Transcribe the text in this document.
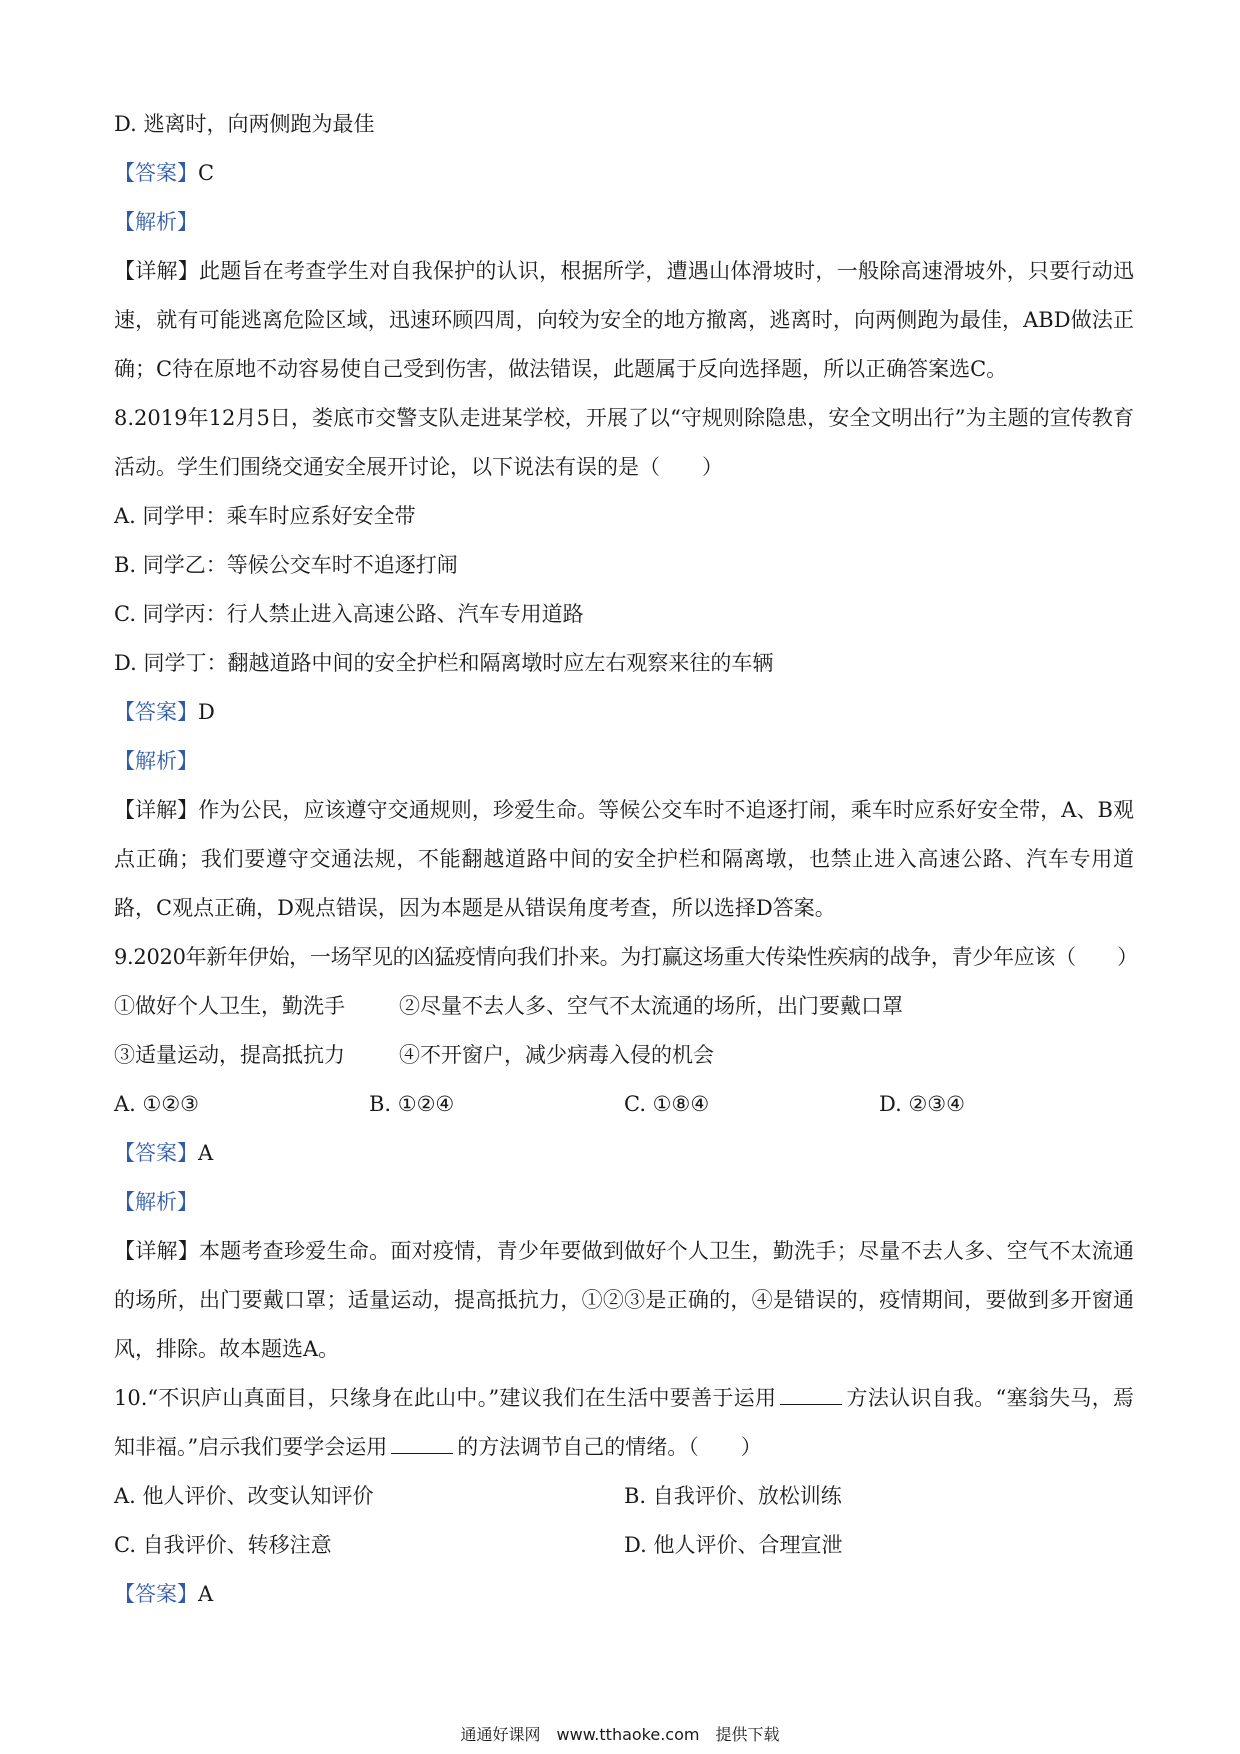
D. 逃离时，向两侧跑为最佳
【答案】C
【解析】
【详解】此题旨在考查学生对自我保护的认识，根据所学，遭遇山体滑坡时，一般除高速滑坡外，只要行动迅速，就有可能逃离危险区域，迅速环顾四周，向较为安全的地方撤离，逃离时，向两侧跑为最佳，ABD做法正确；C待在原地不动容易使自己受到伤害，做法错误，此题属于反向选择题，所以正确答案选C。
8.2019年12月5日，娄底市交警支队走进某学校，开展了以“守规则除隐患，安全文明出行”为主题的宣传教育活动。学生们围绕交通安全展开讨论，以下说法有误的是（　　）
A. 同学甲：乘车时应系好安全带
B. 同学乙：等候公交车时不追逐打闹
C. 同学丙：行人禁止进入高速公路、汽车专用道路
D. 同学丁：翻越道路中间的安全护栏和隔离墩时应左右观察来往的车辆
【答案】D
【解析】
【详解】作为公民，应该遵守交通规则，珍爱生命。等候公交车时不追逐打闹，乘车时应系好安全带，A、B观点正确；我们要遵守交通法规，不能翻越道路中间的安全护栏和隔离墩，也禁止进入高速公路、汽车专用道路，C观点正确，D观点错误，因为本题是从错误角度考查，所以选择D答案。
9.2020年新年伊始，一场罕见的凶猛疫情向我们扑来。为打赢这场重大传染性疾病的战争，青少年应该（　　）
①做好个人卫生，勤洗手	②尽量不去人多、空气不太流通的场所，出门要戴口罩
③适量运动，提高抵抗力	④不开窗户，减少病毒入侵的机会
A. ①②③	B. ①②④	C. ①⑧④	D. ②③④
【答案】A
【解析】
【详解】本题考查珍爱生命。面对疫情，青少年要做到做好个人卫生，勤洗手；尽量不去人多、空气不太流通的场所，出门要戴口罩；适量运动，提高抵抗力，①②③是正确的，④是错误的，疫情期间，要做到多开窗通风，排除。故本题选A。
10.“不识庐山真面目，只缘身在此山中。”建议我们在生活中要善于运用	方法认识自我。“塞翁失马，焉知非福。”启示我们要学会运用	的方法调节自己的情绪。（　　）
A. 他人评价、改变认知评价	B. 自我评价、放松训练
C. 自我评价、转移注意	D. 他人评价、合理宣泄
【答案】A
通通好课网　www.tthaoke.com　提供下载
